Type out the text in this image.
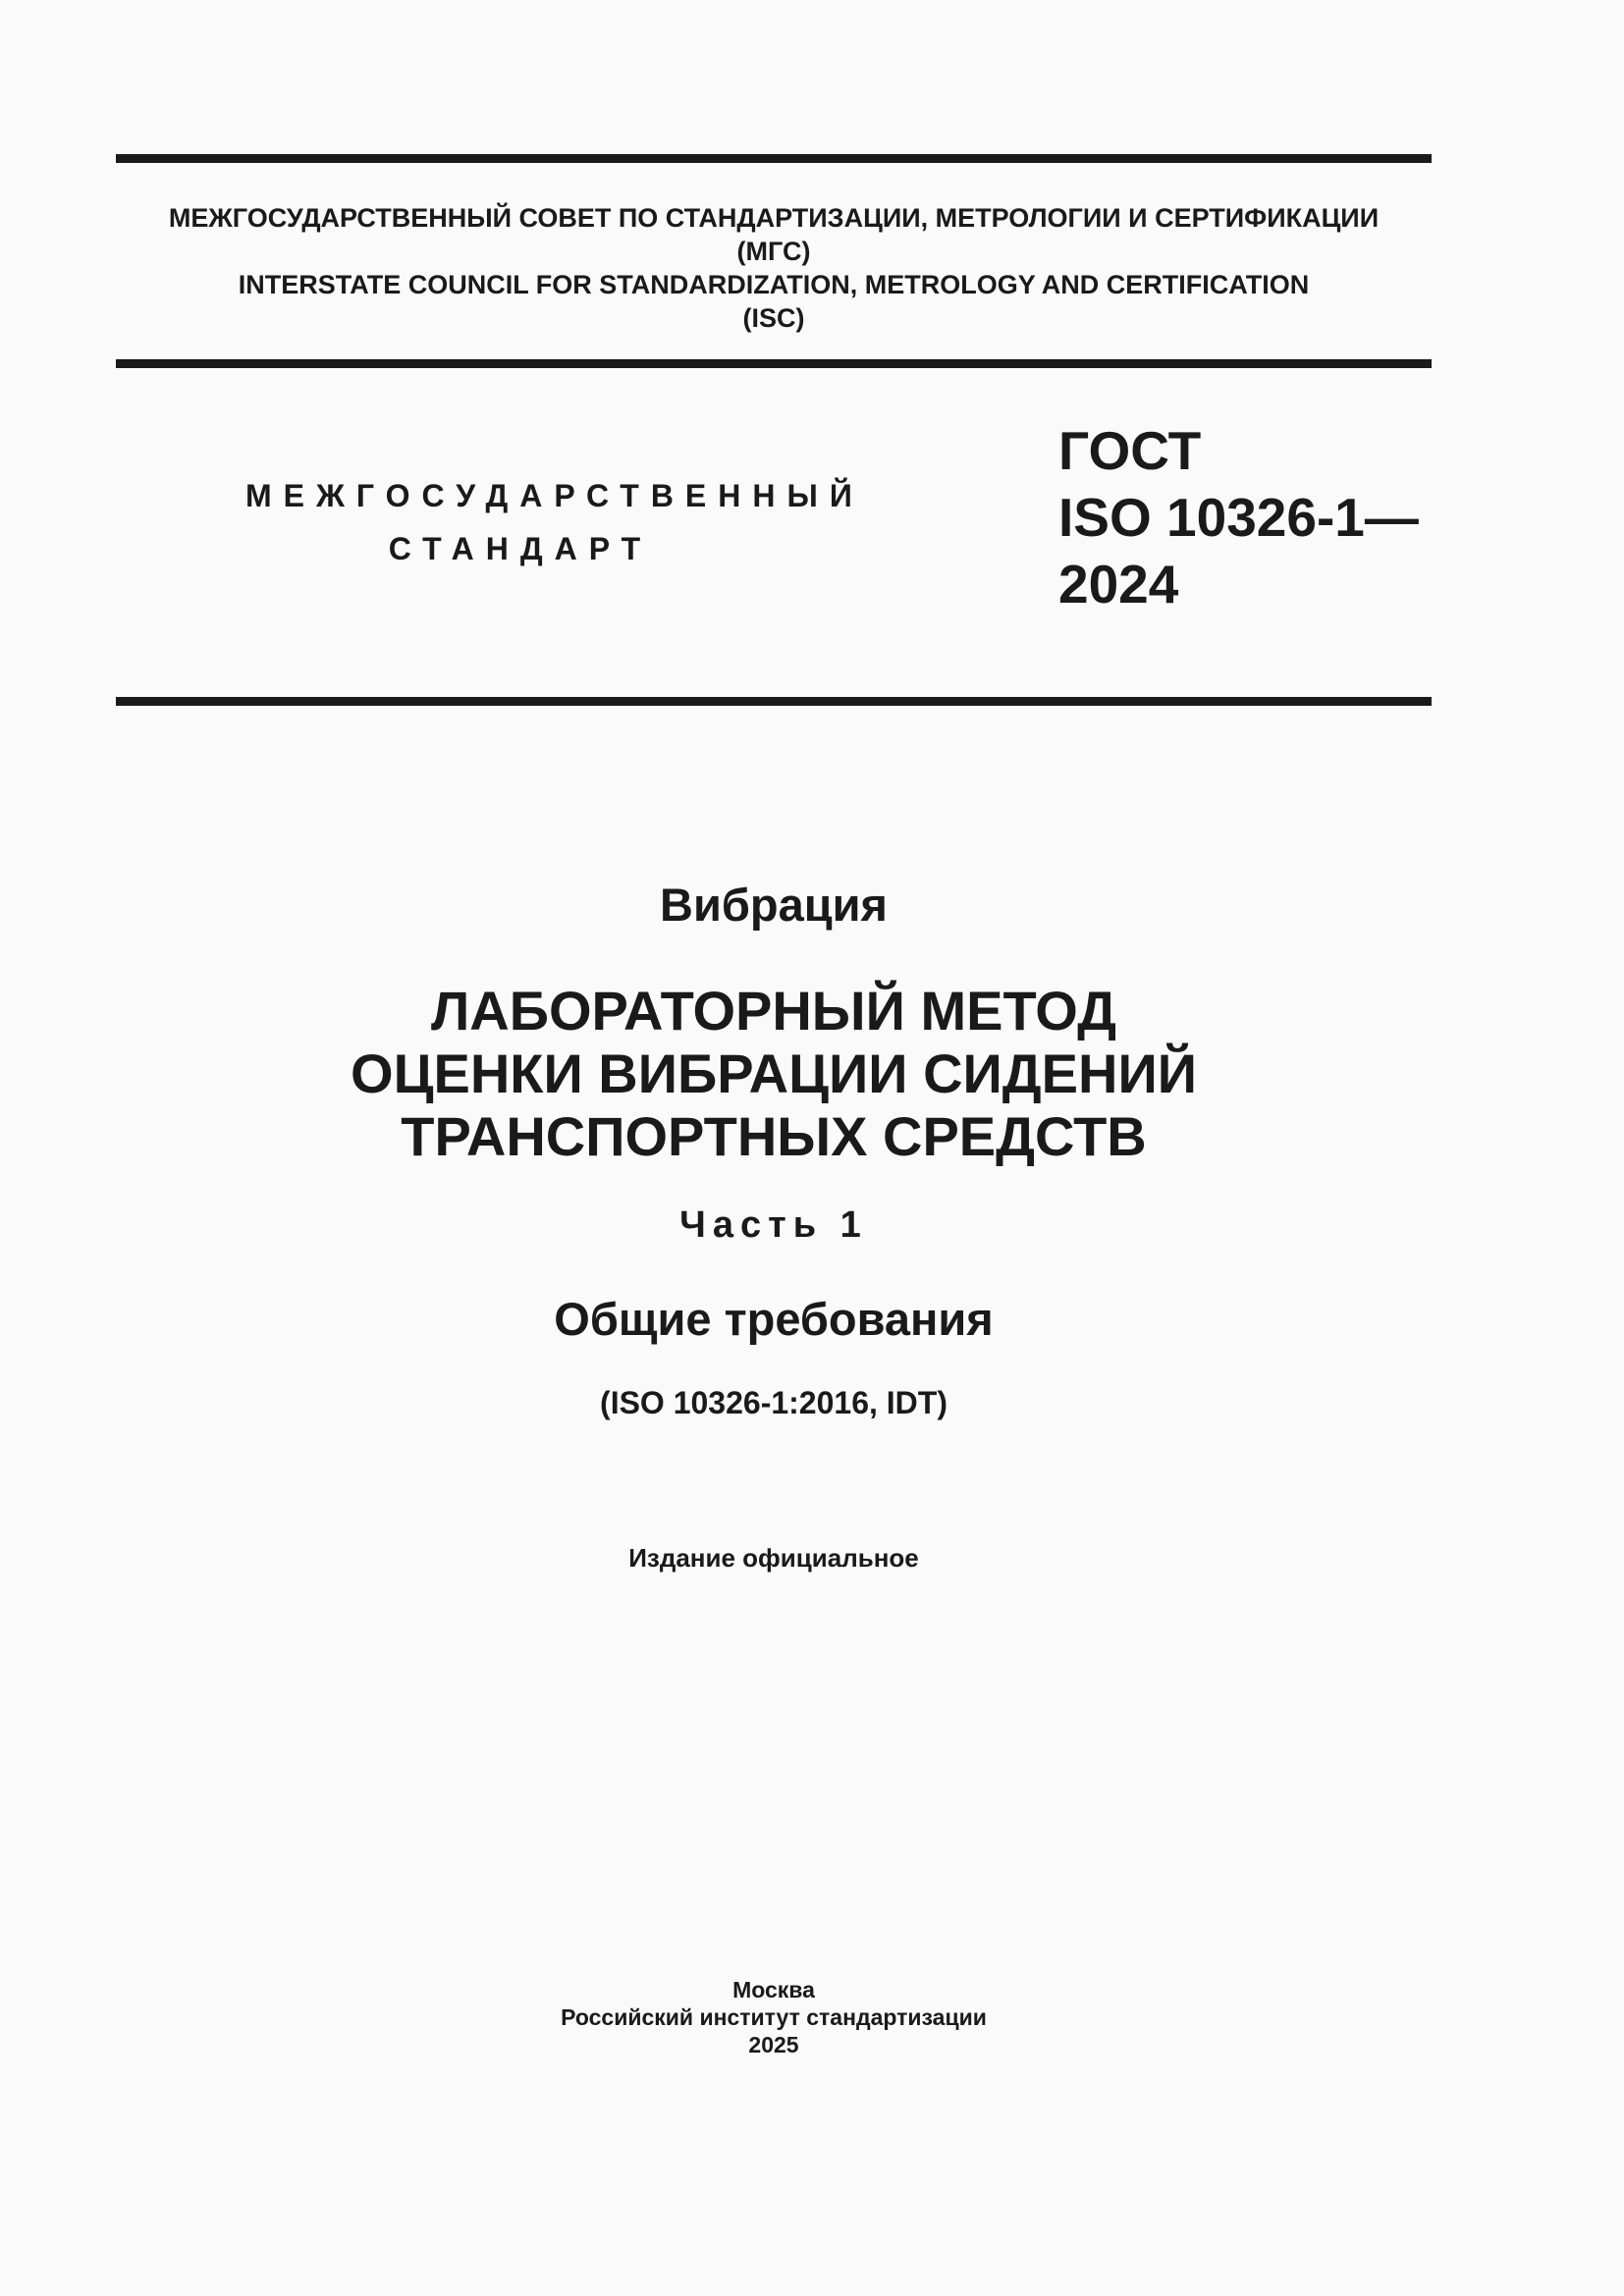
МЕЖГОСУДАРСТВЕННЫЙ СОВЕТ ПО СТАНДАРТИЗАЦИИ, МЕТРОЛОГИИ И СЕРТИФИКАЦИИ
(МГС)
INTERSTATE COUNCIL FOR STANDARDIZATION, METROLOGY AND CERTIFICATION
(ISC)
МЕЖГОСУДАРСТВЕННЫЙ
СТАНДАРТ
ГОСТ
ISO 10326-1—
2024
Вибрация
ЛАБОРАТОРНЫЙ МЕТОД
ОЦЕНКИ ВИБРАЦИИ СИДЕНИЙ
ТРАНСПОРТНЫХ СРЕДСТВ
Часть 1
Общие требования
(ISO 10326-1:2016, IDT)
Издание официальное
Москва
Российский институт стандартизации
2025
